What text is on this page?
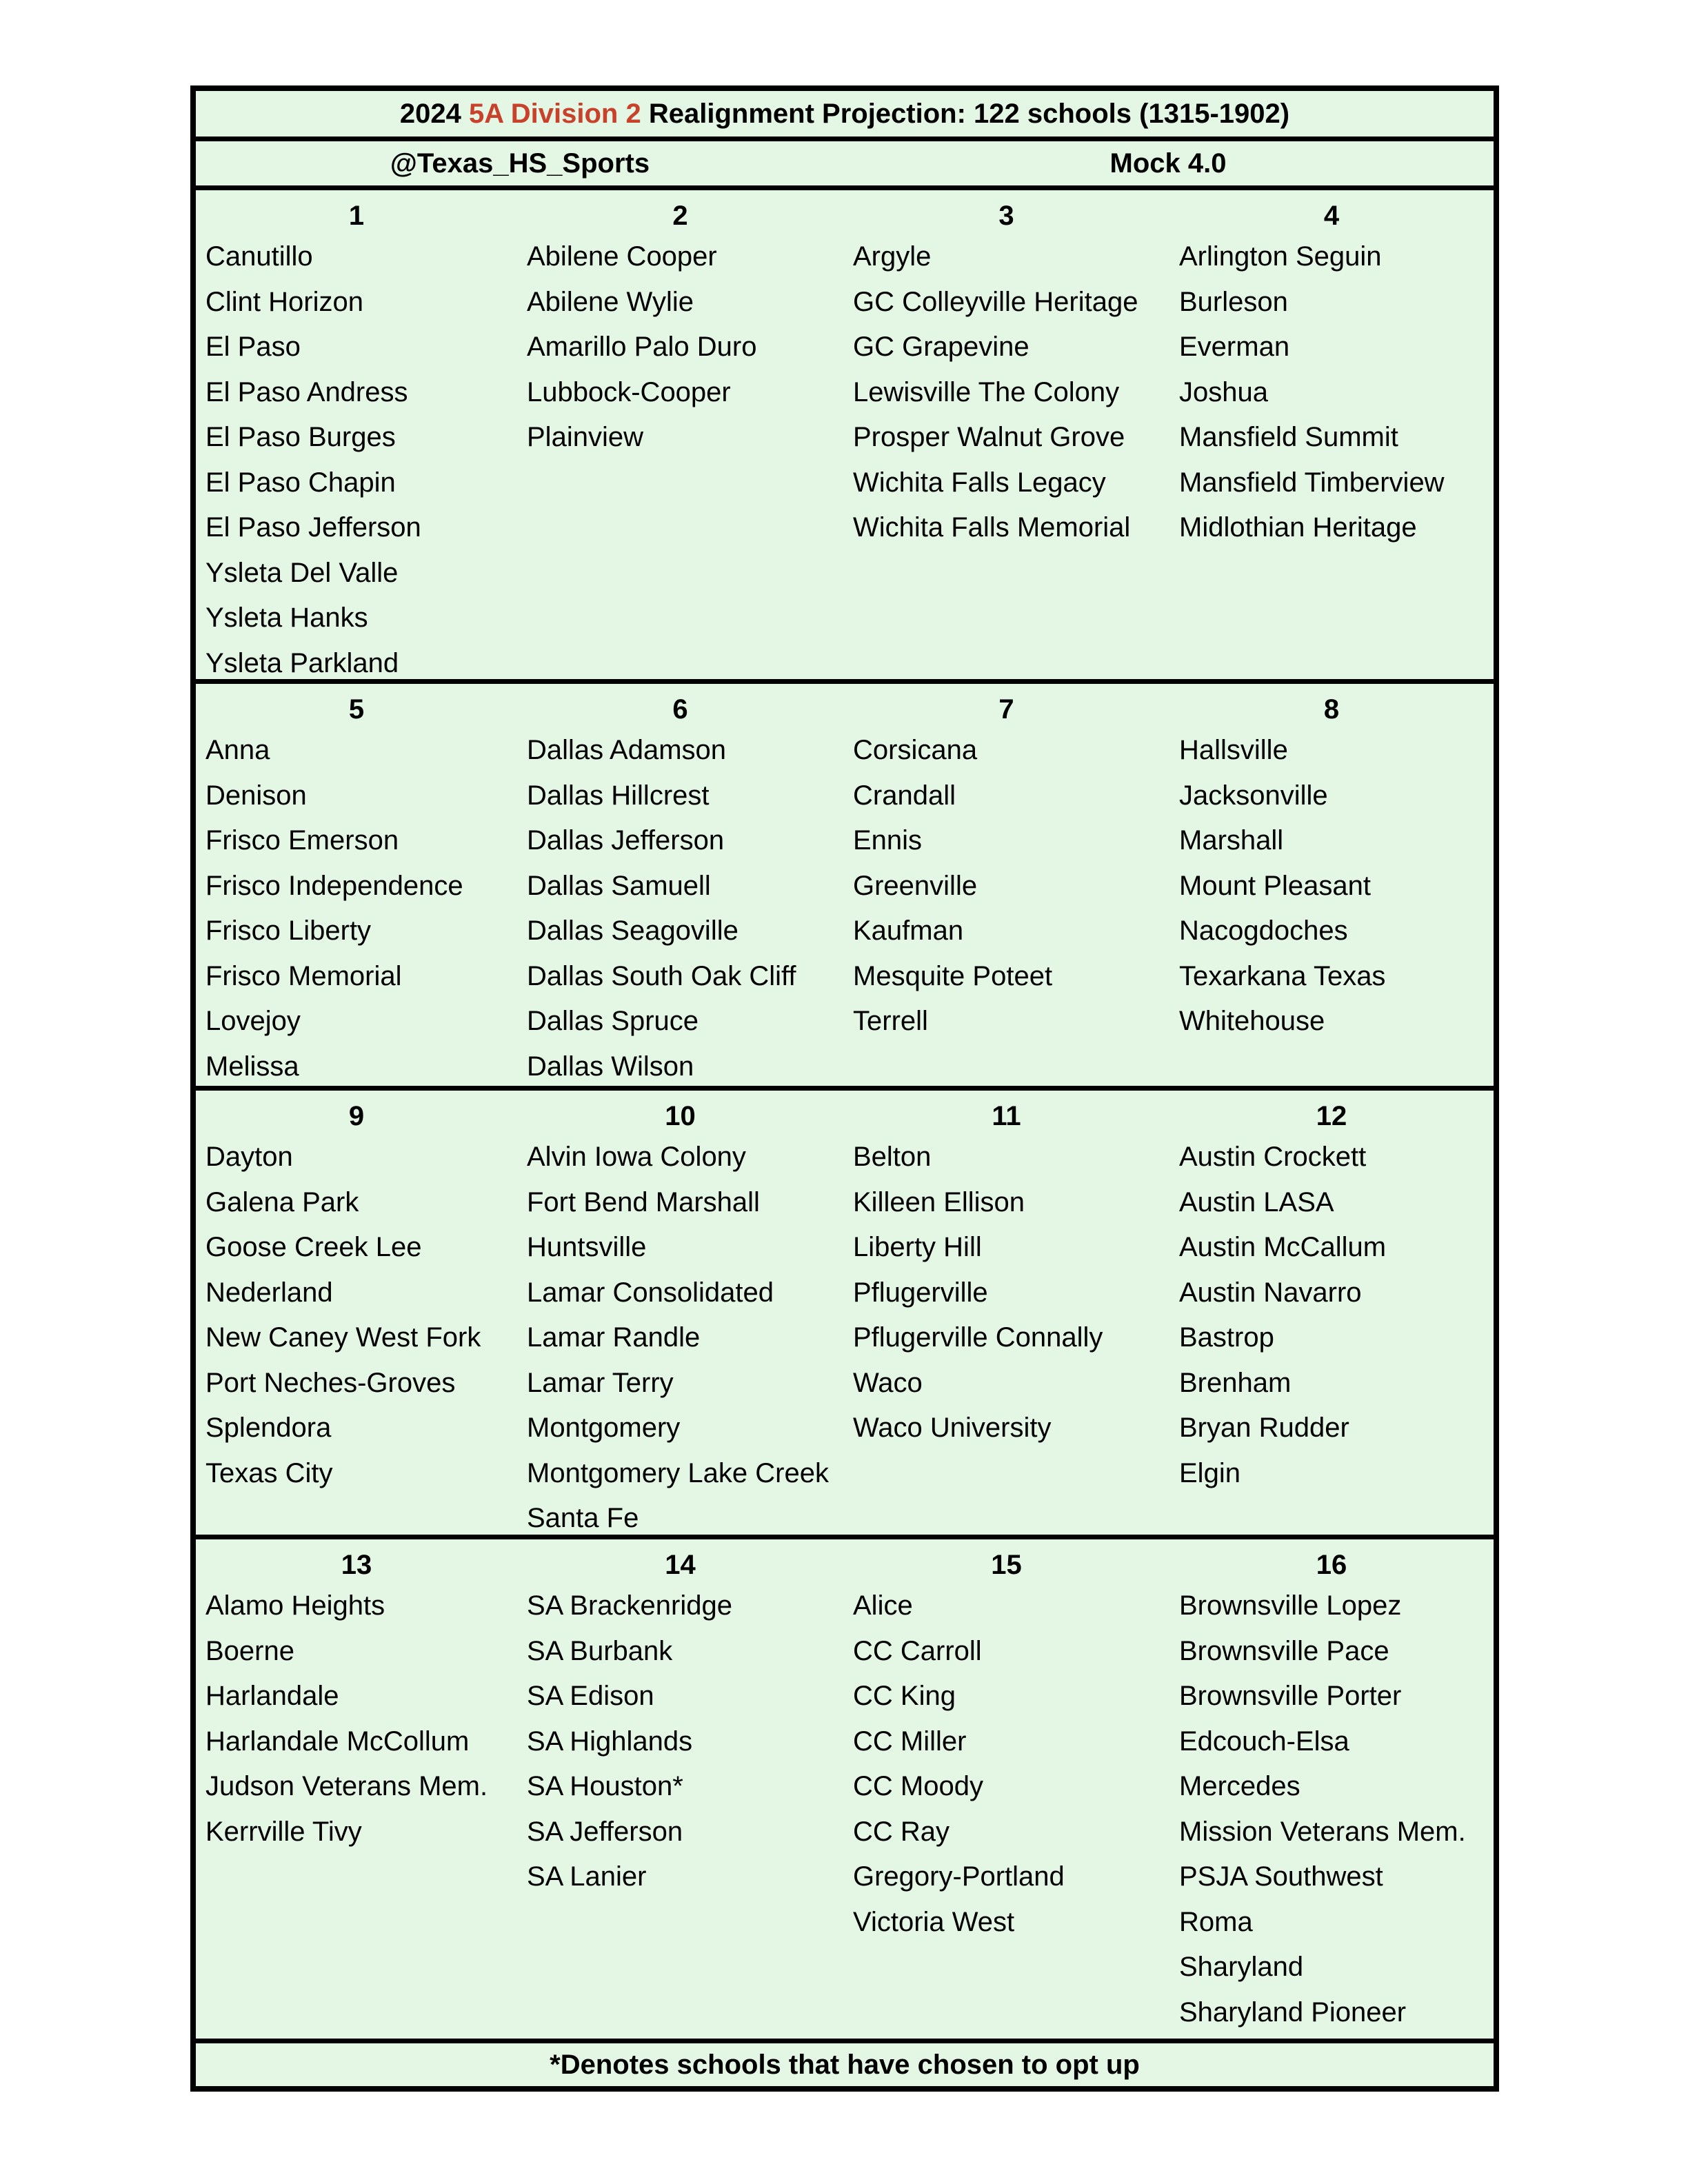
2024
5A Division 2
Realignment Projection: 122 schools (1315-1902)
@Texas_HS_Sports	Mock 4.0
1
Canutillo
Clint Horizon
El Paso
El Paso Andress
El Paso Burges
El Paso Chapin
El Paso Jefferson
Ysleta Del Valle
Ysleta Hanks
Ysleta Parkland
2
Abilene Cooper
Abilene Wylie
Amarillo Palo Duro
Lubbock-Cooper
Plainview
3
Argyle
GC Colleyville Heritage
GC Grapevine
Lewisville The Colony
Prosper Walnut Grove
Wichita Falls Legacy
Wichita Falls Memorial
4
Arlington Seguin
Burleson
Everman
Joshua
Mansfield Summit
Mansfield Timberview
Midlothian Heritage
5
Anna
Denison
Frisco Emerson
Frisco Independence
Frisco Liberty
Frisco Memorial
Lovejoy
Melissa
6
Dallas Adamson
Dallas Hillcrest
Dallas Jefferson
Dallas Samuell
Dallas Seagoville
Dallas South Oak Cliff
Dallas Spruce
Dallas Wilson
7
Corsicana
Crandall
Ennis
Greenville
Kaufman
Mesquite Poteet
Terrell
8
Hallsville
Jacksonville
Marshall
Mount Pleasant
Nacogdoches
Texarkana Texas
Whitehouse
9
Dayton
Galena Park
Goose Creek Lee
Nederland
New Caney West Fork
Port Neches-Groves
Splendora
Texas City
10
Alvin Iowa Colony
Fort Bend Marshall
Huntsville
Lamar Consolidated
Lamar Randle
Lamar Terry
Montgomery
Montgomery Lake Creek
Santa Fe
11
Belton
Killeen Ellison
Liberty Hill
Pflugerville
Pflugerville Connally
Waco
Waco University
12
Austin Crockett
Austin LASA
Austin McCallum
Austin Navarro
Bastrop
Brenham
Bryan Rudder
Elgin
13
Alamo Heights
Boerne
Harlandale
Harlandale McCollum
Judson Veterans Mem.
Kerrville Tivy
14
SA Brackenridge
SA Burbank
SA Edison
SA Highlands
SA Houston*
SA Jefferson
SA Lanier
15
Alice
CC Carroll
CC King
CC Miller
CC Moody
CC Ray
Gregory-Portland
Victoria West
16
Brownsville Lopez
Brownsville Pace
Brownsville Porter
Edcouch-Elsa
Mercedes
Mission Veterans Mem.
PSJA Southwest
Roma
Sharyland
Sharyland Pioneer
*Denotes schools that have chosen to opt up
